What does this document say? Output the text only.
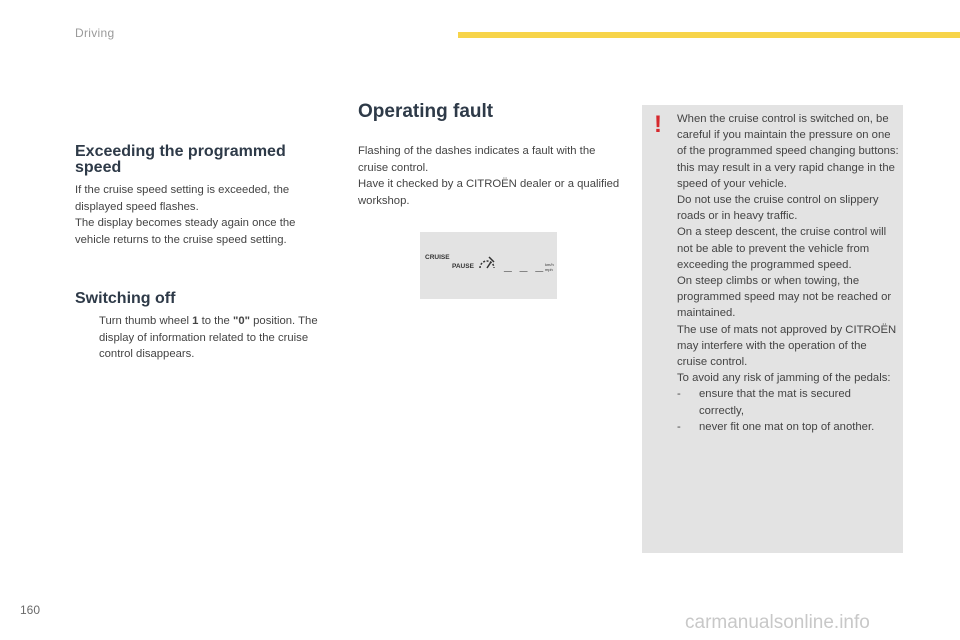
Driving
Exceeding the programmed speed
If the cruise speed setting is exceeded, the displayed speed flashes.
The display becomes steady again once the vehicle returns to the cruise speed setting.
Switching off
Turn thumb wheel 1 to the "0" position. The display of information related to the cruise control disappears.
Operating fault
Flashing of the dashes indicates a fault with the cruise control.
Have it checked by a CITROËN dealer or a qualified workshop.
CRUISE
PAUSE _ _ _ km/h mph
! When the cruise control is switched on, be careful if you maintain the pressure on one of the programmed speed changing buttons: this may result in a very rapid change in the speed of your vehicle.

Do not use the cruise control on slippery roads or in heavy traffic.

On a steep descent, the cruise control will not be able to prevent the vehicle from exceeding the programmed speed.

On steep climbs or when towing, the programmed speed may not be reached or maintained.

The use of mats not approved by CITROËN may interfere with the operation of the cruise control.

To avoid any risk of jamming of the pedals:

-	ensure that the mat is secured correctly,
-	never fit one mat on top of another.
160
carmanualsonline.info
